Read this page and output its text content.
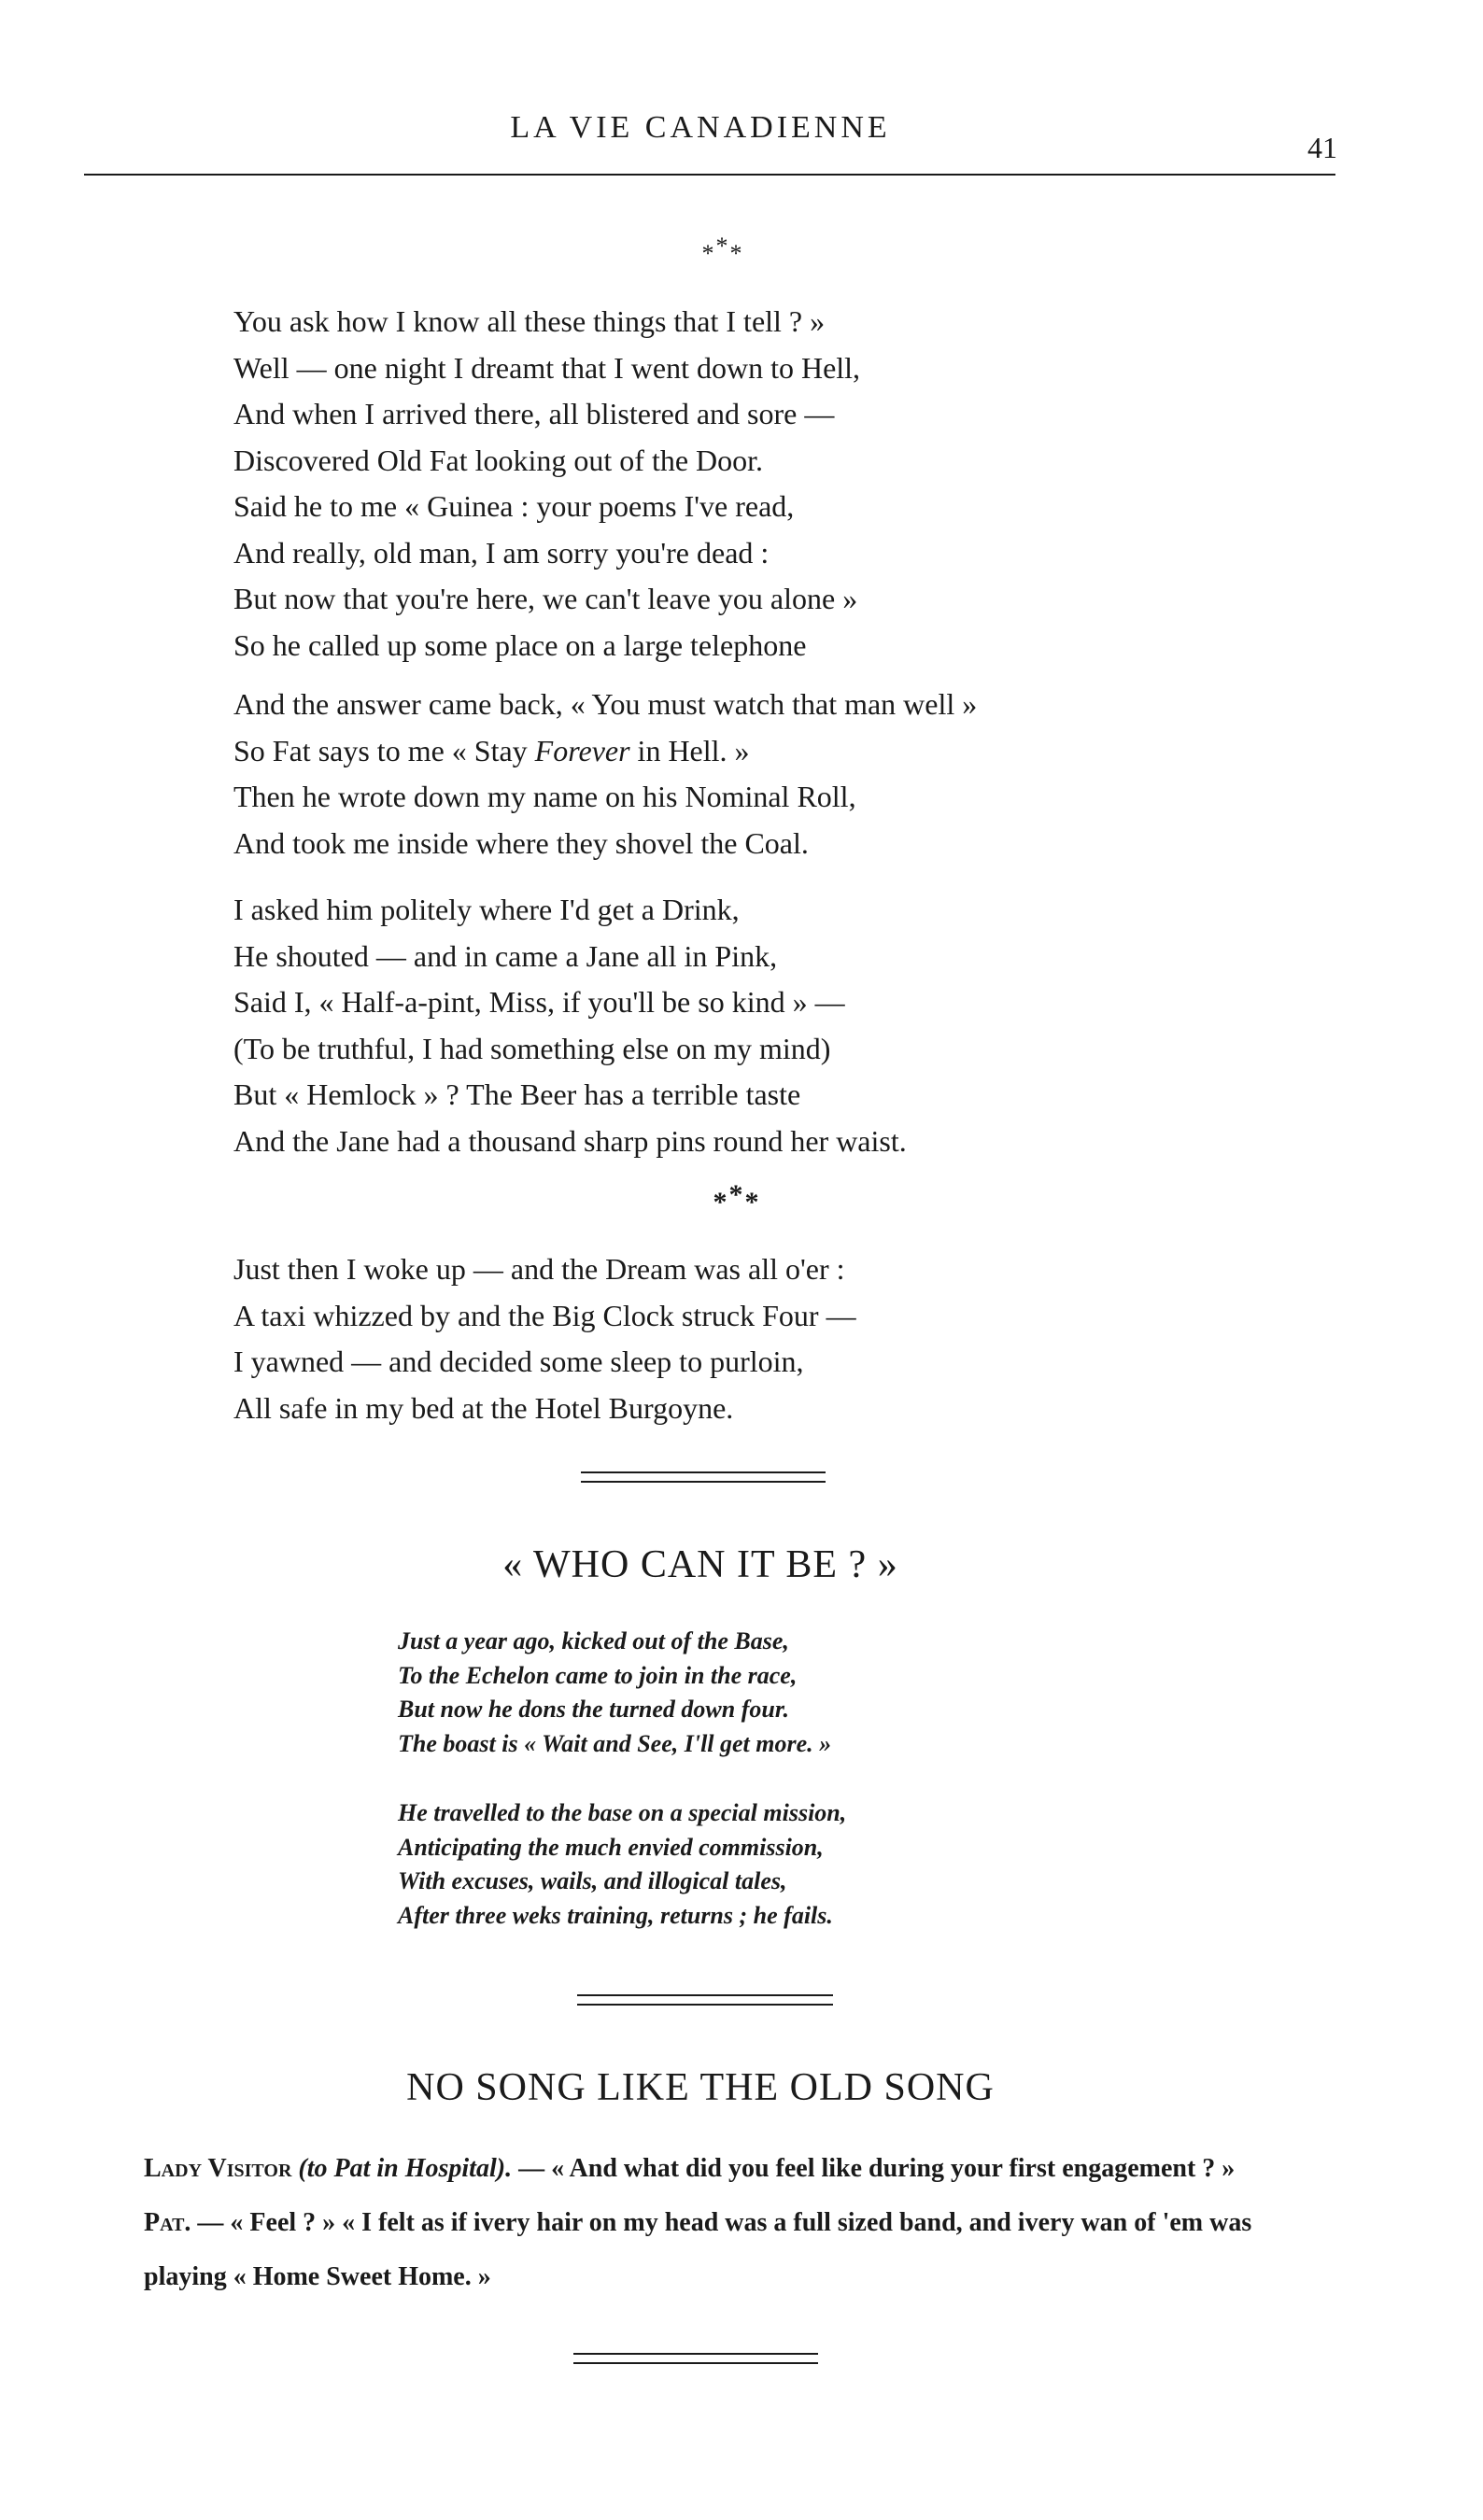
LA VIE CANADIENNE
41
***
You ask how I know all these things that I tell ? »
Well — one night I dreamt that I went down to Hell,
And when I arrived there, all blistered and sore —
Discovered Old Fat looking out of the Door.
Said he to me « Guinea : your poems I've read,
And really, old man, I am sorry you're dead :
But now that you're here, we can't leave you alone »
So he called up some place on a large telephone
And the answer came back, « You must watch that man well »
So Fat says to me « Stay Forever in Hell. »
Then he wrote down my name on his Nominal Roll,
And took me inside where they shovel the Coal.
I asked him politely where I'd get a Drink,
He shouted — and in came a Jane all in Pink,
Said I, « Half-a-pint, Miss, if you'll be so kind » —
(To be truthful, I had something else on my mind)
But « Hemlock » ? The Beer has a terrible taste
And the Jane had a thousand sharp pins round her waist.
***
Just then I woke up — and the Dream was all o'er :
A taxi whizzed by and the Big Clock struck Four —
I yawned — and decided some sleep to purloin,
All safe in my bed at the Hotel Burgoyne.
« WHO CAN IT BE ? »
Just a year ago, kicked out of the Base,
To the Echelon came to join in the race,
But now he dons the turned down four.
The boast is « Wait and See, I'll get more. »
He travelled to the base on a special mission,
Anticipating the much envied commission,
With excuses, wails, and illogical tales,
After three weks training, returns ; he fails.
NO SONG LIKE THE OLD SONG

Lady Visitor (to Pat in Hospital). — « And what did you feel like during your first engagement ? »

Pat. — « Feel ? » « I felt as if ivery hair on my head was a full sized band, and ivery wan of 'em was playing « Home Sweet Home. »
